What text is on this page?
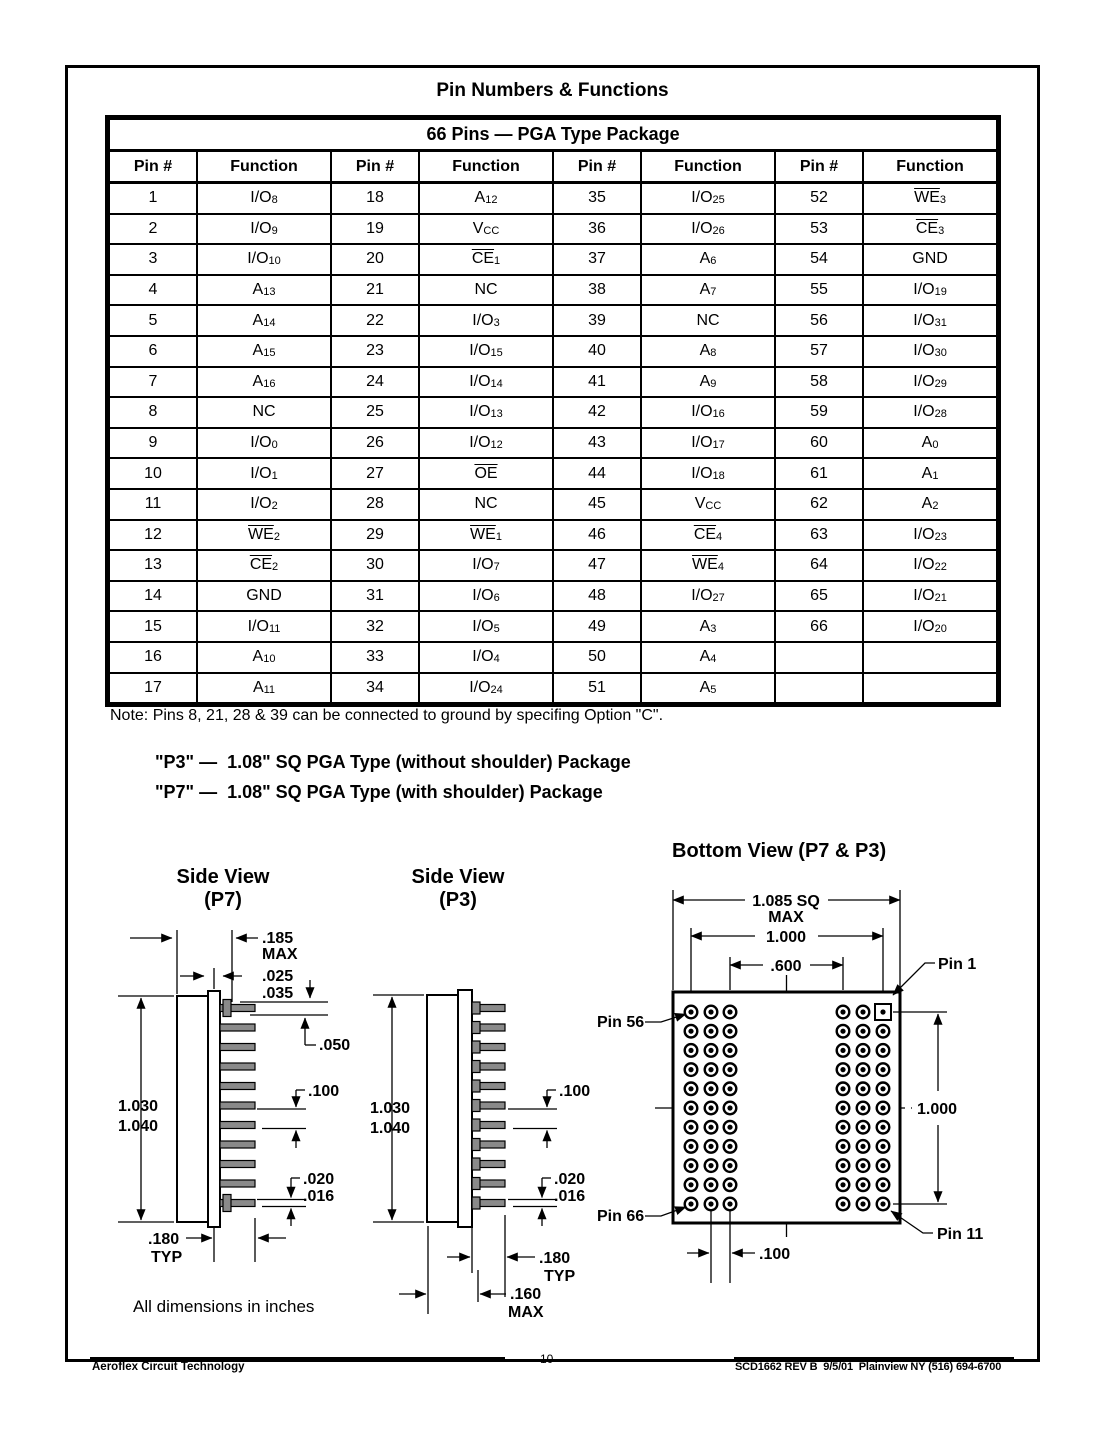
Pin Numbers & Functions
66 Pins — PGA Type Package							
Pin #	Function	Pin #	Function	Pin #	Function	Pin #	Function
1	I/O8	18	A12	35	I/O25	52	$\overline{WE}3$
2	I/O9	19	VCC	36	I/O26	53	$\overline{CE}3$
3	I/O10	20	$\overline{CE}1$	37	A6	54	GND
4	A13	21	NC	38	A7	55	I/O19
5	A14	22	I/O3	39	NC	56	I/O31
6	A15	23	I/O15	40	A8	57	I/O30
7	A16	24	I/O14	41	A9	58	I/O29
8	NC	25	I/O13	42	I/O16	59	I/O28
9	I/O0	26	I/O12	43	I/O17	60	A0
10	I/O1	27	$\overline{OE}$	44	I/O18	61	A1
11	I/O2	28	NC	45	VCC	62	A2
12	$\overline{WE}2$	29	$\overline{WE}1$	46	$\overline{CE}4$	63	I/O23
13	$\overline{CE}2$	30	I/O7	47	$\overline{WE}4$	64	I/O22
14	GND	31	I/O6	48	I/O27	65	I/O21
15	I/O11	32	I/O5	49	A3	66	I/O20
16	A10	33	I/O4	50	A4		
17	A11	34	I/O24	51	A5		
Note: Pins 8, 21, 28 & 39 can be connected to ground by specifing Option "C".
"P3" —  1.08" SQ PGA Type (without shoulder) Package
"P7" —  1.08" SQ PGA Type (with shoulder) Package
Side View
(P7)
Side View
(P3)
Bottom View (P7 & P3)
.185
MAX
.025
.035
.050
1.030
1.040
.100
.020
.016
.180
TYP
1.030
1.040
.100
.020
.016
.180
TYP
.160
MAX
1.085 SQ
MAX
1.000
.600	Pin 1
1.000
Pin 11
Pin 56
Pin 66
.100
All dimensions in inches
Aeroflex Circuit Technology
10
SCD1662 REV B  9/5/01  Plainview NY (516) 694-6700
